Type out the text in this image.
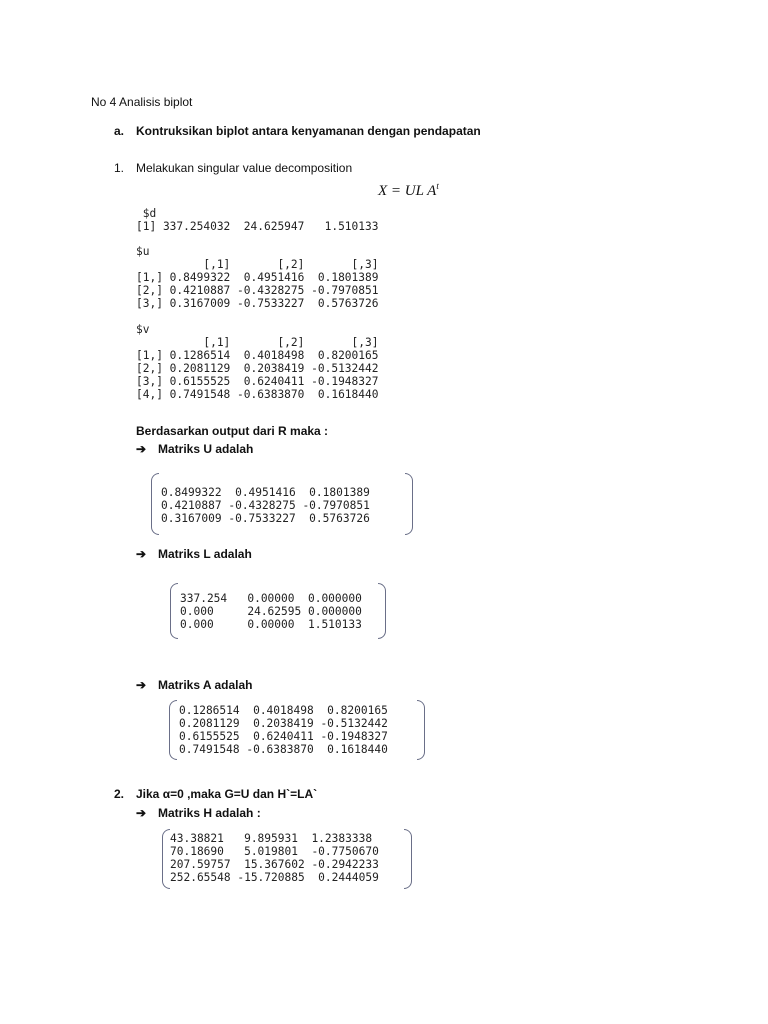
No 4 Analisis biplot
a. Kontruksikan biplot antara kenyamanan dengan pendapatan
1. Melakukan singular value decomposition
X = UL $A^t$
$d
[1] 337.254032  24.625947   1.510133
$u
[,1]       [,2]       [,3]
[1,] 0.8499322  0.4951416  0.1801389
[2,] 0.4210887 -0.4328275 -0.7970851
[3,] 0.3167009 -0.7533227  0.5763726
$v
[,1]       [,2]       [,3]
[1,] 0.1286514  0.4018498  0.8200165
[2,] 0.2081129  0.2038419 -0.5132442
[3,] 0.6155525  0.6240411 -0.1948327
[4,] 0.7491548 -0.6383870  0.1618440
Berdasarkan output dari R maka :
➔ Matriks U adalah
0.8499322  0.4951416  0.1801389
0.4210887 -0.4328275 -0.7970851
0.3167009 -0.7533227  0.5763726
➔ Matriks L adalah
337.254   0.00000  0.000000
0.000     24.62595 0.000000
0.000     0.00000  1.510133
➔ Matriks A adalah
0.1286514  0.4018498  0.8200165
0.2081129  0.2038419 -0.5132442
0.6155525  0.6240411 -0.1948327
0.7491548 -0.6383870  0.1618440
2. Jika α=0 ,maka G=U dan H`=LA`
➔ Matriks H adalah :
43.38821   9.895931  1.2383338
70.18690   5.019801  -0.7750670
207.59757  15.367602 -0.2942233
252.65548 -15.720885  0.2444059
